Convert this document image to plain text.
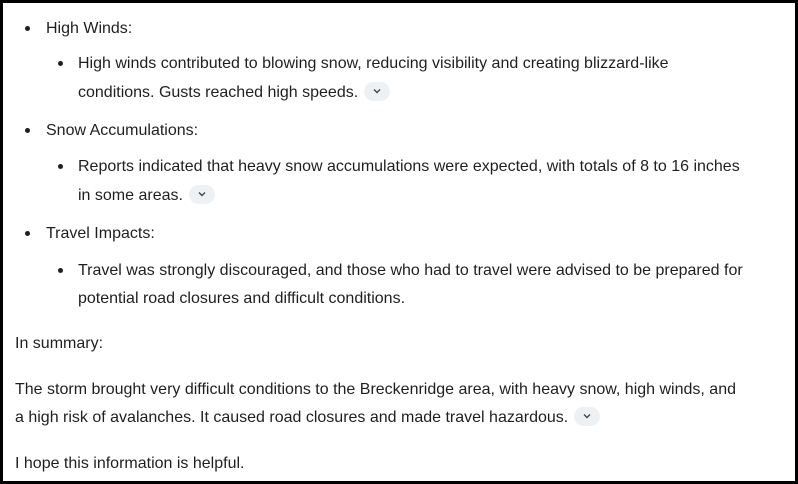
High Winds:
High winds contributed to blowing snow, reducing visibility and creating blizzard-like
conditions. Gusts reached high speeds.
Snow Accumulations:
Reports indicated that heavy snow accumulations were expected, with totals of 8 to 16 inches
in some areas.
Travel Impacts:
Travel was strongly discouraged, and those who had to travel were advised to be prepared for
potential road closures and difficult conditions.
In summary:
The storm brought very difficult conditions to the Breckenridge area, with heavy snow, high winds, and
a high risk of avalanches. It caused road closures and made travel hazardous.
I hope this information is helpful.
